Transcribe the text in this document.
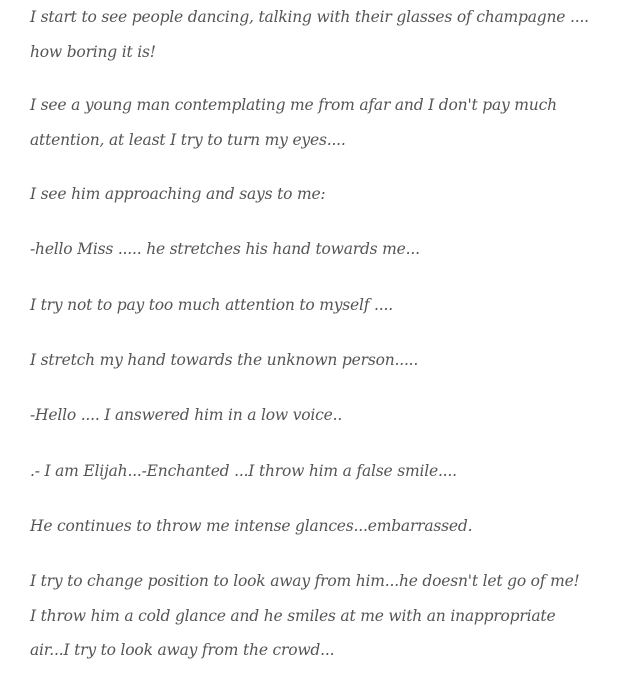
I start to see people dancing, talking with their glasses of champagne .... how boring it is!

I see a young man contemplating me from afar and I don't pay much attention, at least I try to turn my eyes....

I see him approaching and says to me:

-hello Miss ..... he stretches his hand towards me...

I try not to pay too much attention to myself ....

I stretch my hand towards the unknown person.....

-Hello .... I answered him in a low voice..

.- I am Elijah...-Enchanted ...I throw him a false smile....

He continues to throw me intense glances...embarrassed.

I try to change position to look away from him...he doesn't let go of me! I throw him a cold glance and he smiles at me with an inappropriate air...I try to look away from the crowd...
